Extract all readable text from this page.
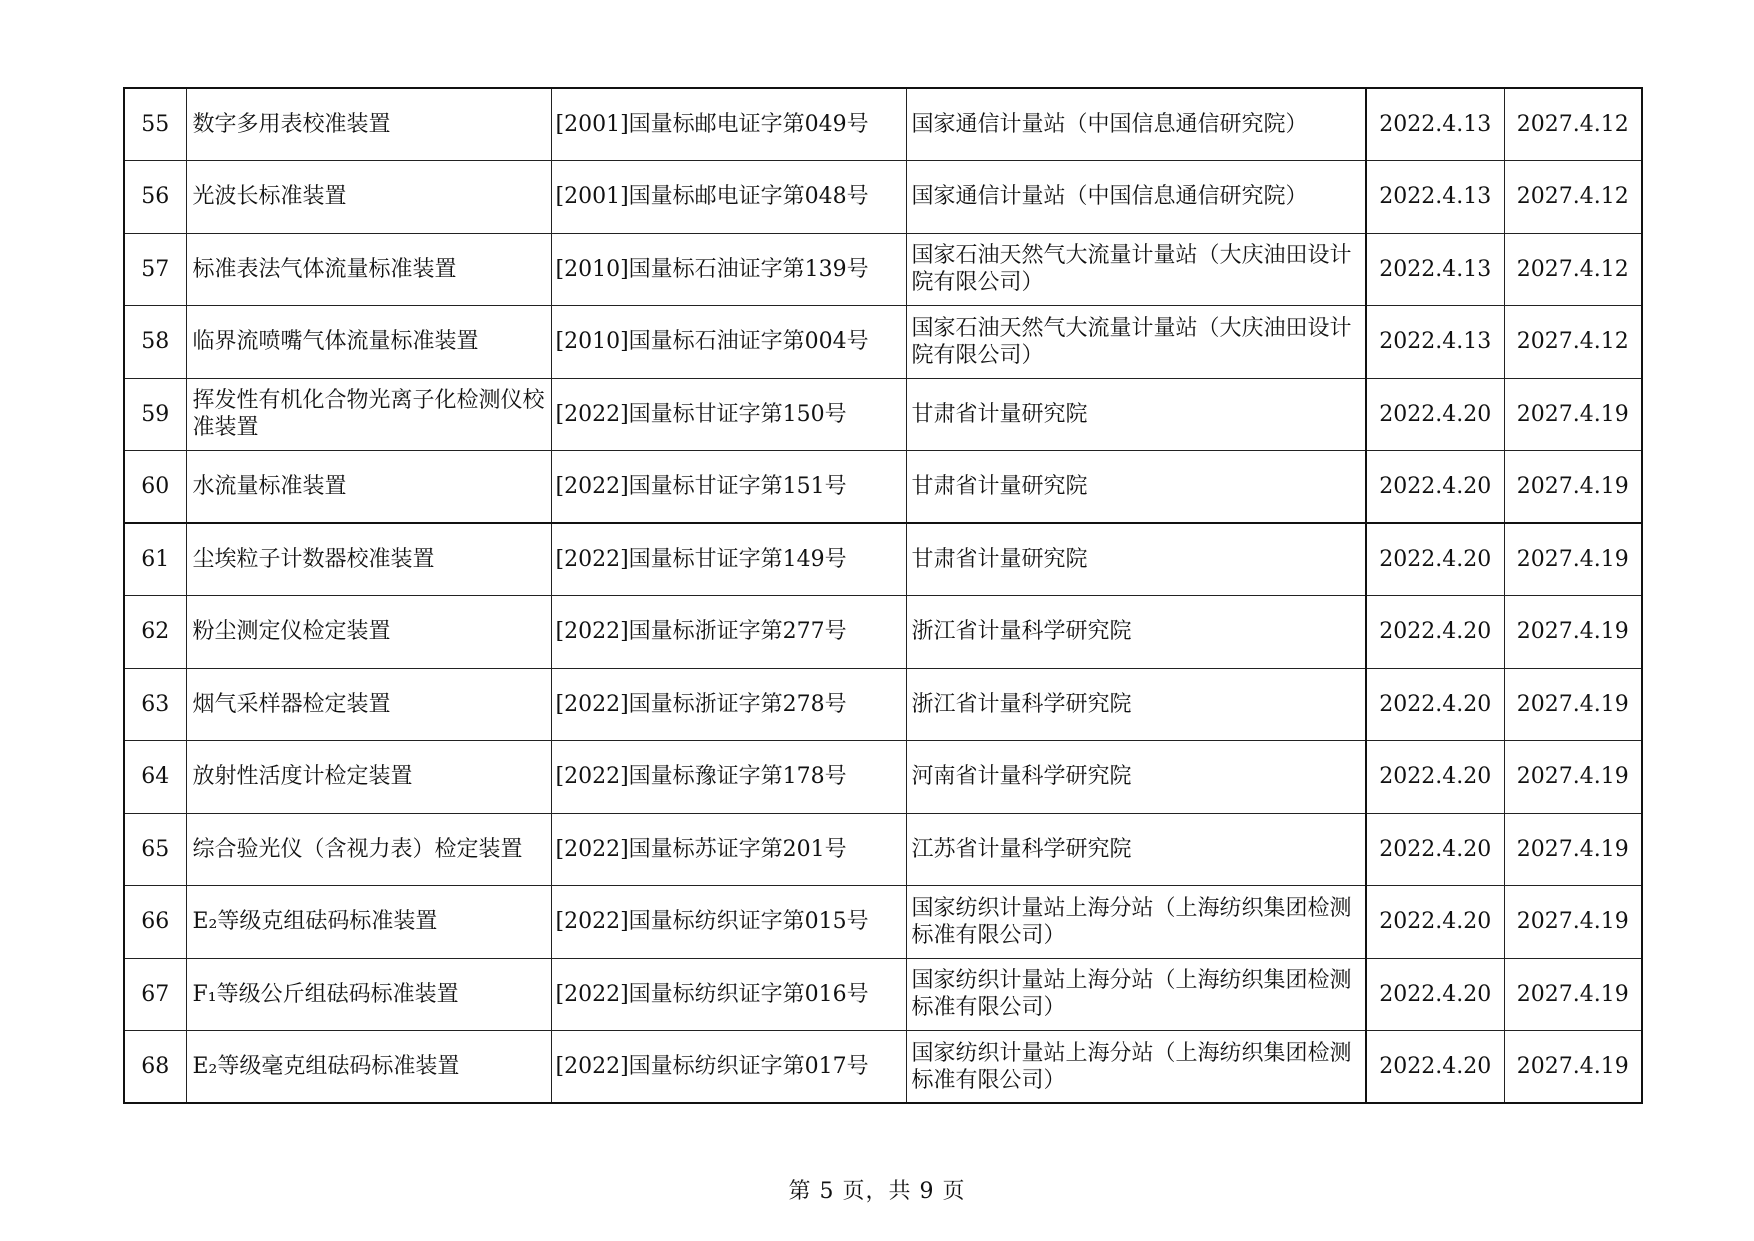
55	数字多用表校准装置	[2001]国量标邮电证字第049号	国家通信计量站（中国信息通信研究院）	2022.4.13	2027.4.12
56	光波长标准装置	[2001]国量标邮电证字第048号	国家通信计量站（中国信息通信研究院）	2022.4.13	2027.4.12
57	标准表法气体流量标准装置	[2010]国量标石油证字第139号	国家石油天然气大流量计量站（大庆油田设计院有限公司）	2022.4.13	2027.4.12
58	临界流喷嘴气体流量标准装置	[2010]国量标石油证字第004号	国家石油天然气大流量计量站（大庆油田设计院有限公司）	2022.4.13	2027.4.12
59	挥发性有机化合物光离子化检测仪校准装置	[2022]国量标甘证字第150号	甘肃省计量研究院	2022.4.20	2027.4.19
60	水流量标准装置	[2022]国量标甘证字第151号	甘肃省计量研究院	2022.4.20	2027.4.19
61	尘埃粒子计数器校准装置	[2022]国量标甘证字第149号	甘肃省计量研究院	2022.4.20	2027.4.19
62	粉尘测定仪检定装置	[2022]国量标浙证字第277号	浙江省计量科学研究院	2022.4.20	2027.4.19
63	烟气采样器检定装置	[2022]国量标浙证字第278号	浙江省计量科学研究院	2022.4.20	2027.4.19
64	放射性活度计检定装置	[2022]国量标豫证字第178号	河南省计量科学研究院	2022.4.20	2027.4.19
65	综合验光仪（含视力表）检定装置	[2022]国量标苏证字第201号	江苏省计量科学研究院	2022.4.20	2027.4.19
66	E₂等级克组砝码标准装置	[2022]国量标纺织证字第015号	国家纺织计量站上海分站（上海纺织集团检测标准有限公司）	2022.4.20	2027.4.19
67	F₁等级公斤组砝码标准装置	[2022]国量标纺织证字第016号	国家纺织计量站上海分站（上海纺织集团检测标准有限公司）	2022.4.20	2027.4.19
68	E₂等级毫克组砝码标准装置	[2022]国量标纺织证字第017号	国家纺织计量站上海分站（上海纺织集团检测标准有限公司）	2022.4.20	2027.4.19
第 5 页，共 9 页
